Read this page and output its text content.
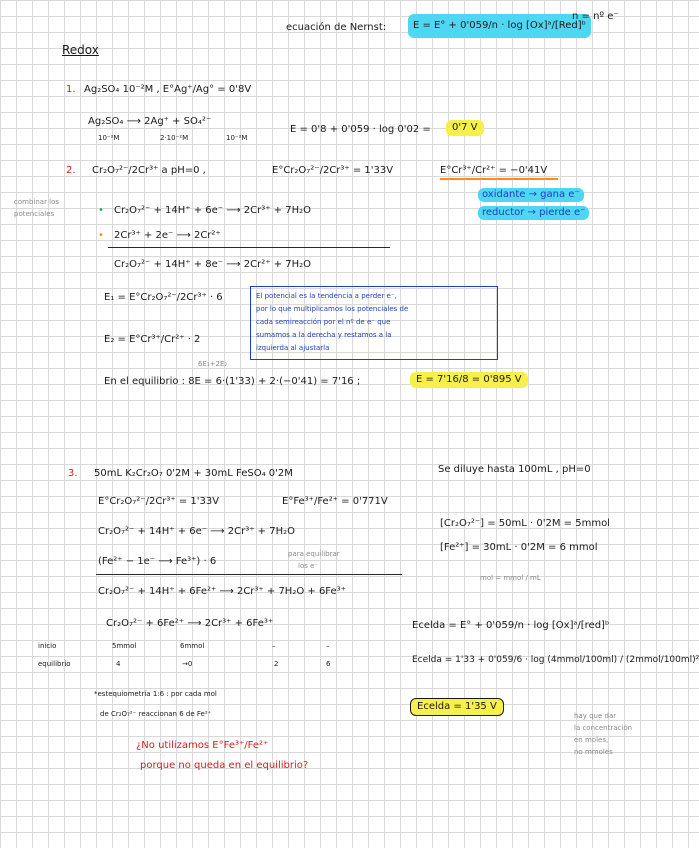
ecuación de Nernst:	E = E° + 0'059/n · log [Ox]ᵃ/[Red]ᵇ
n = nº e⁻
Redox
1. Ag₂SO₄ 10⁻²M , E°Ag⁺/Ag° = 0'8V
Ag₂SO₄ ⟶ 2Ag⁺ + SO₄²⁻
10⁻²M	2·10⁻²M	10⁻²M
E = 0'8 + 0'059 · log 0'02 =	0'7 V
2. Cr₂O₇²⁻/2Cr³⁺ a pH=0 ,	E°Cr₂O₇²⁻/2Cr³⁺ = 1'33V	E°Cr³⁺/Cr²⁺ = −0'41V
oxidante → gana e⁻
reductor → pierde e⁻
combinar los
potenciales	• Cr₂O₇²⁻ + 14H⁺ + 6e⁻ ⟶ 2Cr³⁺ + 7H₂O
• 2Cr³⁺ + 2e⁻ ⟶ 2Cr²⁺
Cr₂O₇²⁻ + 14H⁺ + 8e⁻ ⟶ 2Cr²⁺ + 7H₂O
E₁ = E°Cr₂O₇²⁻/2Cr³⁺ · 6
E₂ = E°Cr³⁺/Cr²⁺ · 2
El potencial es la tendencia a perder e⁻,
por lo que multiplicamos los potenciales de
cada semireacción por el nº de e⁻ que
sumamos a la derecha y restamos a la
izquierda al ajustarla
6E₁+2E₂
En el equilibrio : 8E = 6·(1'33) + 2·(−0'41) = 7'16 ;	E = 7'16/8 = 0'895 V
3. 50mL K₂Cr₂O₇ 0'2M + 30mL FeSO₄ 0'2M	Se diluye hasta 100mL , pH=0
E°Cr₂O₇²⁻/2Cr³⁺ = 1'33V	E°Fe³⁺/Fe²⁺ = 0'771V
Cr₂O₇²⁻ + 14H⁺ + 6e⁻ ⟶ 2Cr³⁺ + 7H₂O
(Fe²⁺ − 1e⁻ ⟶ Fe³⁺) · 6
para equilibrar
los e⁻
Cr₂O₇²⁻ + 14H⁺ + 6Fe²⁺ ⟶ 2Cr³⁺ + 7H₂O + 6Fe³⁺
[Cr₂O₇²⁻] = 50mL · 0'2M = 5mmol
[Fe²⁺] = 30mL · 0'2M = 6 mmol
mol = mmol / mL
Cr₂O₇²⁻ + 6Fe²⁺ ⟶ 2Cr³⁺ + 6Fe³⁺
inicio	5mmol	6mmol	–	–
equilibrio	4	→0	2	6
Ecelda = E° + 0'059/n · log [Ox]ᵃ/[red]ᵇ
Ecelda = 1'33 + 0'059/6 · log (4mmol/100ml) / (2mmol/100ml)²
Ecelda = 1'35 V
*estequiometría 1:6 : por cada mol
de Cr₂O₇²⁻ reaccionan 6 de Fe²⁺
¿No utilizamos E°Fe³⁺/Fe²⁺
porque no queda en el equilibrio?
hay que dar
la concentración
en moles,
no mmoles
